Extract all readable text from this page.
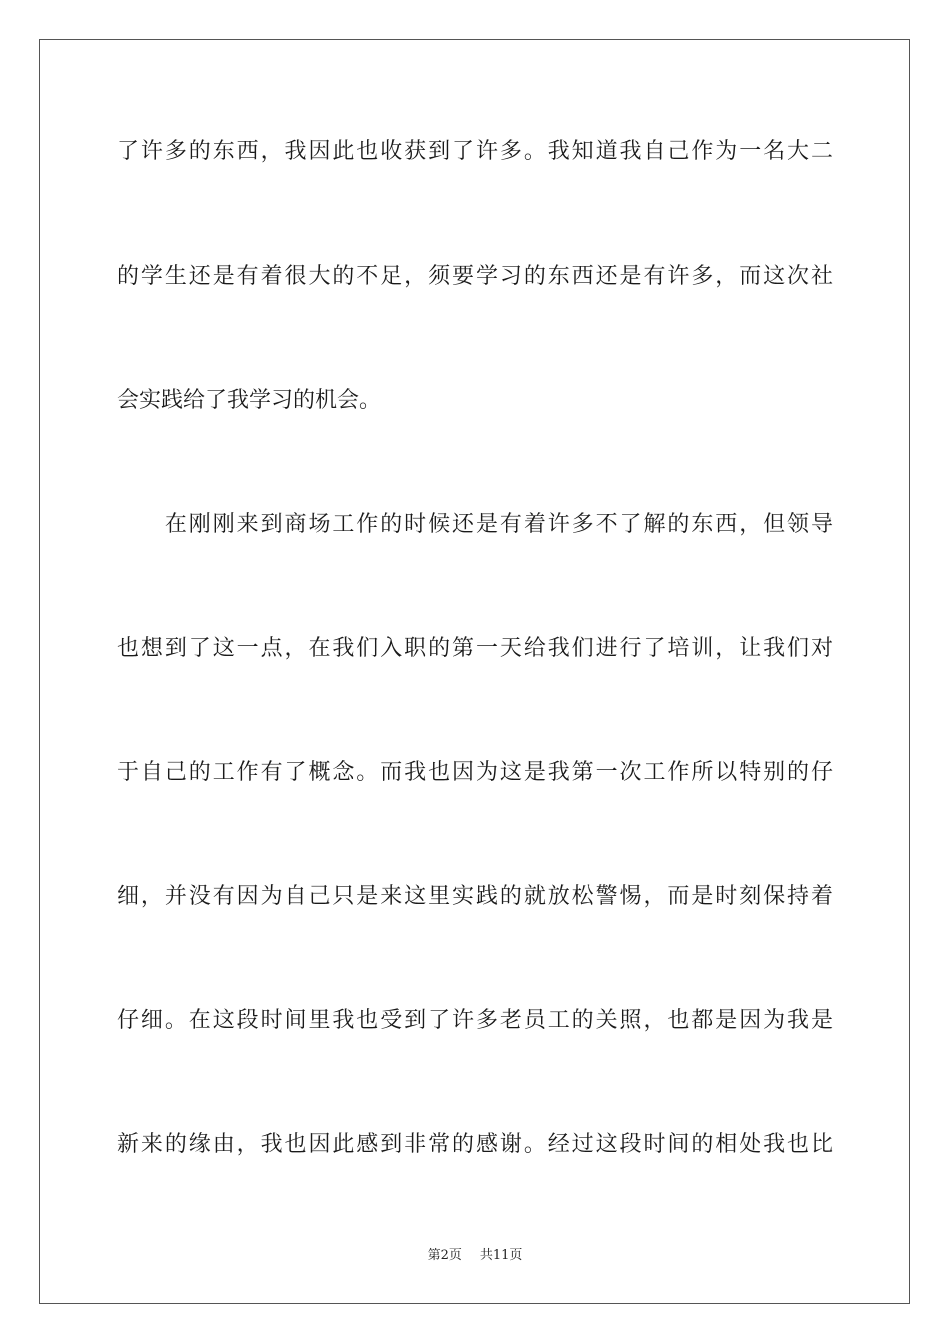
了许多的东西，我因此也收获到了许多。我知道我自己作为一名大二
的学生还是有着很大的不足，须要学习的东西还是有许多，而这次社
会实践给了我学习的机会。
　　在刚刚来到商场工作的时候还是有着许多不了解的东西，但领导
也想到了这一点，在我们入职的第一天给我们进行了培训，让我们对
于自己的工作有了概念。而我也因为这是我第一次工作所以特别的仔
细，并没有因为自己只是来这里实践的就放松警惕，而是时刻保持着
仔细。在这段时间里我也受到了许多老员工的关照，也都是因为我是
新来的缘由，我也因此感到非常的感谢。经过这段时间的相处我也比
第2页 共11页
